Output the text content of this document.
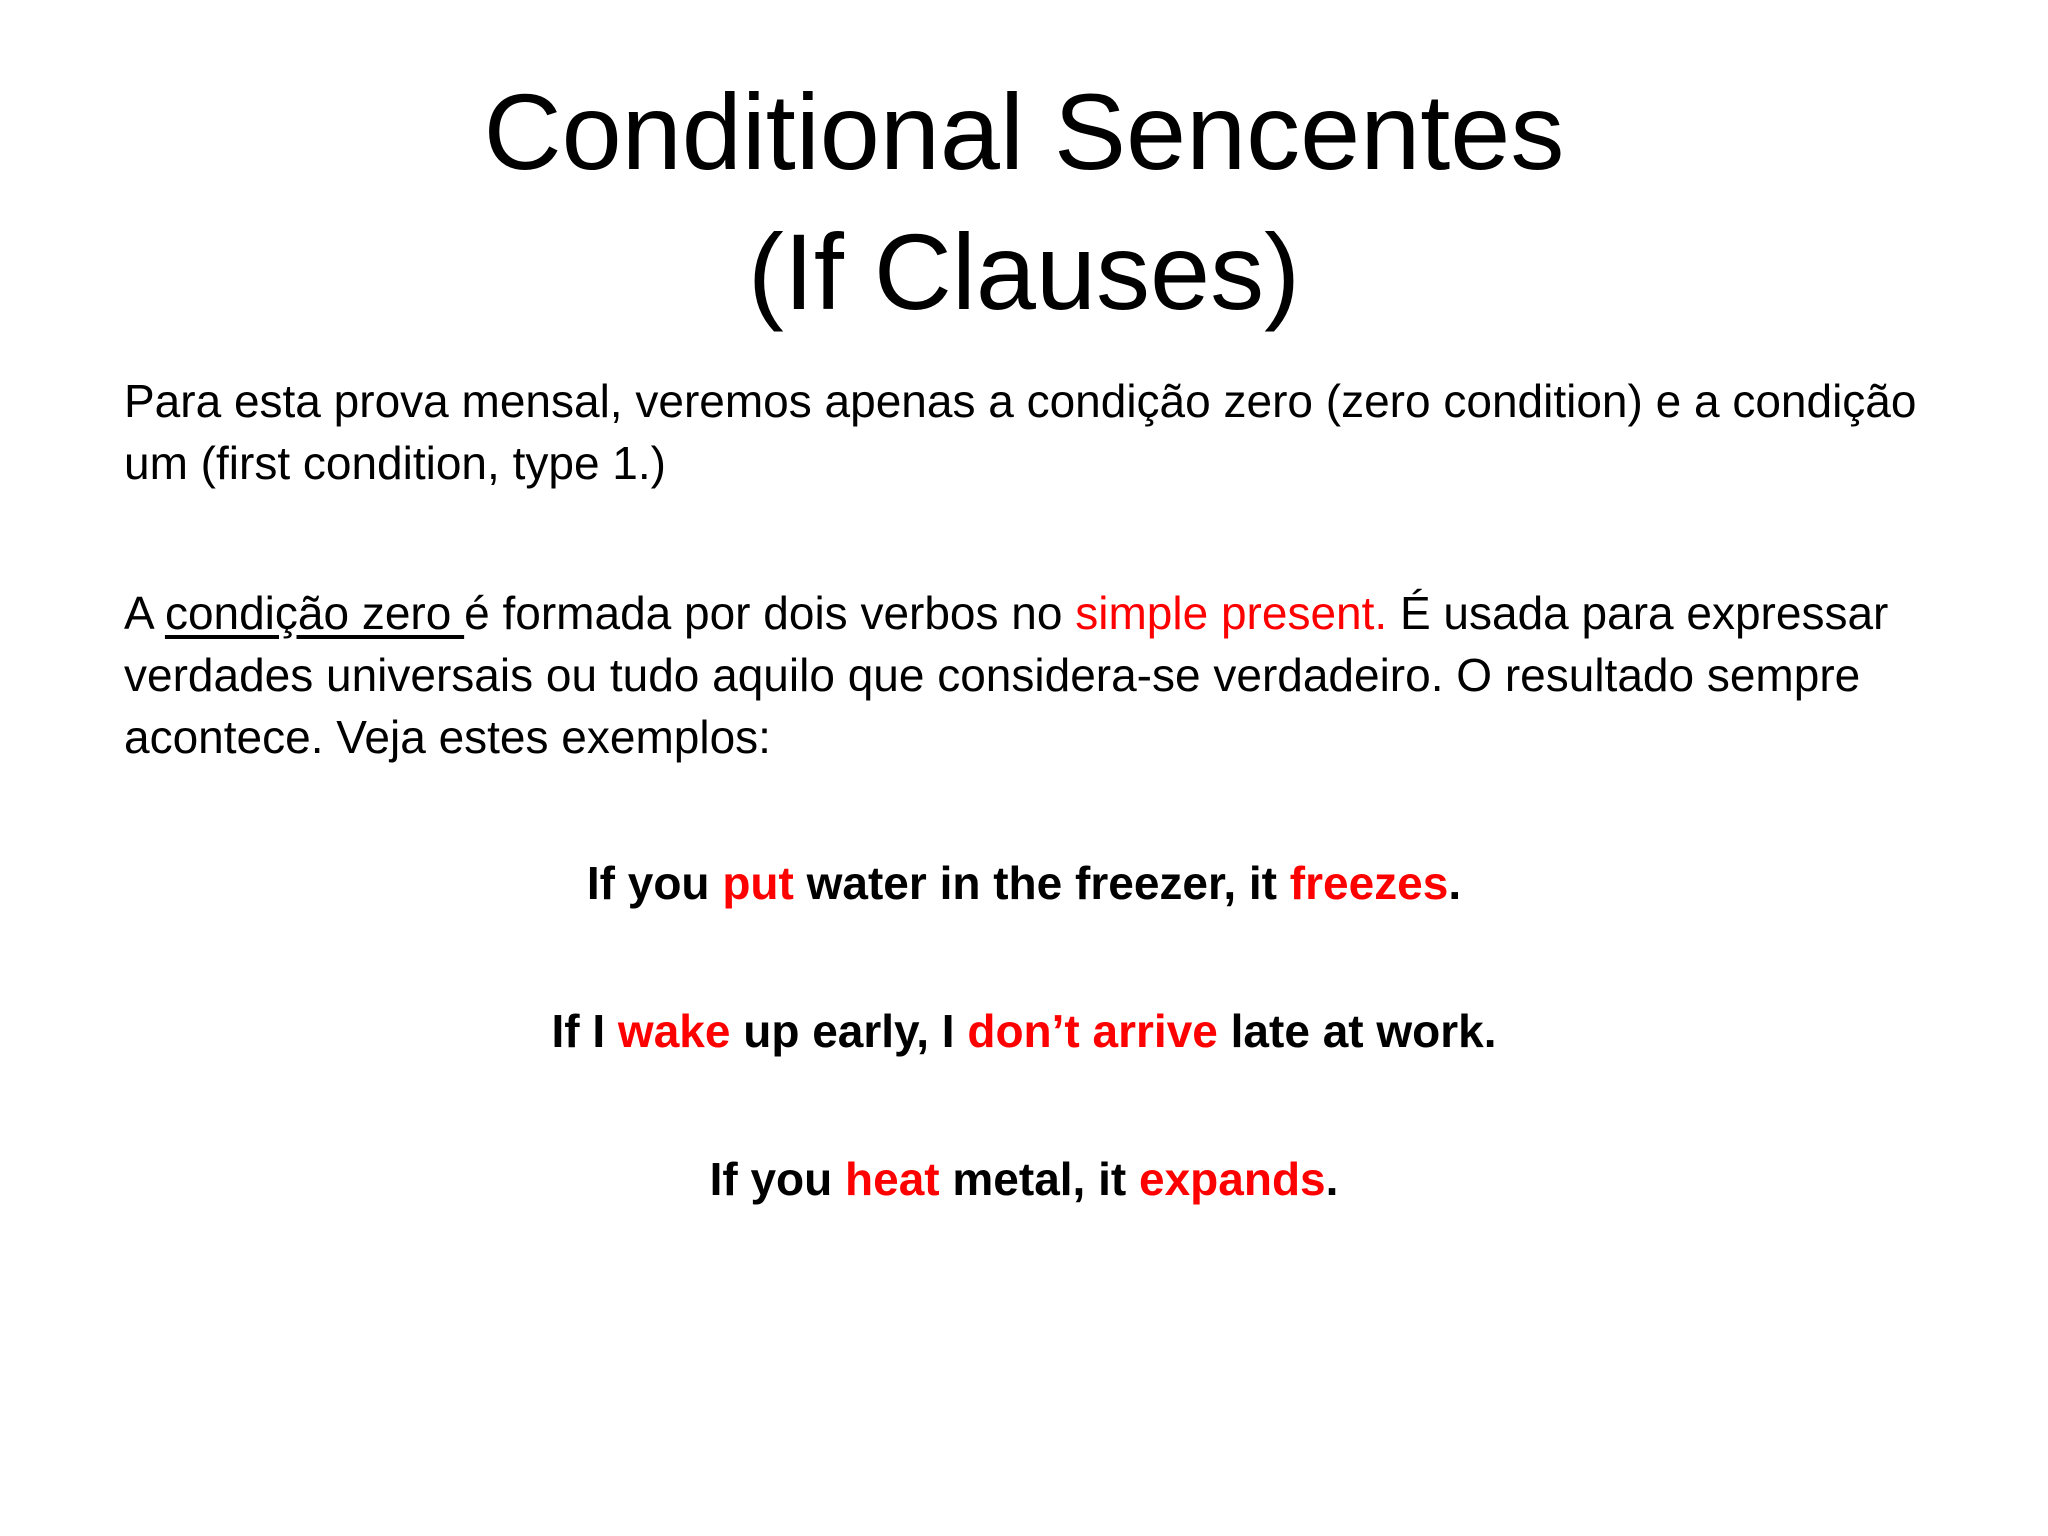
Conditional Sencentes
(If Clauses)
Para esta prova mensal, veremos apenas a condição zero (zero condition) e a condição um (first condition, type 1.)
A condição zero é formada por dois verbos no simple present. É usada para expressar verdades universais ou tudo aquilo que considera-se verdadeiro. O resultado sempre acontece. Veja estes exemplos:
If you put water in the freezer, it freezes.
If I wake up early, I don’t arrive late at work.
If you heat metal, it expands.
